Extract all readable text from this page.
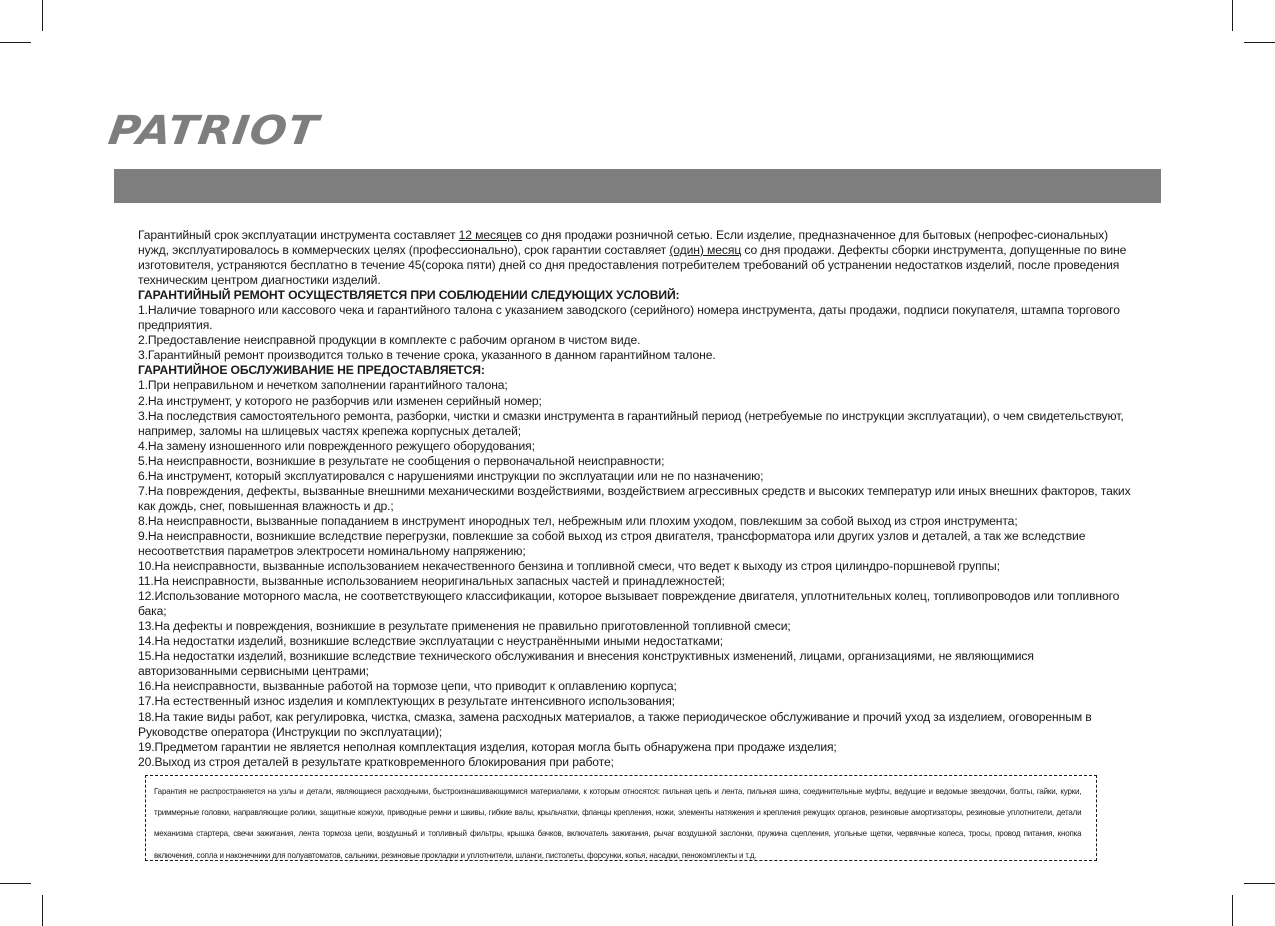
PATRIOT

Гарантийный срок эксплуатации инструмента составляет 12 месяцев со дня продажи розничной сетью. Если изделие, предназначенное для бытовых (непрофес-сиональных) нужд, эксплуатировалось в коммерческих целях (профессионально), срок гарантии составляет (один) месяц со дня продажи. Дефекты сборки инструмента, допущенные по вине изготовителя, устраняются бесплатно в течение 45(сорока пяти) дней со дня предоставления потребителем требований об устранении недостатков изделий, после проведения техническим центром диагностики изделий.

ГАРАНТИЙНЫЙ РЕМОНТ ОСУЩЕСТВЛЯЕТСЯ ПРИ СОБЛЮДЕНИИ СЛЕДУЮЩИХ УСЛОВИЙ:

1.Наличие товарного или кассового чека и гарантийного талона с указанием заводского (серийного) номера инструмента, даты продажи, подписи покупателя, штампа торгового предприятия.

2.Предоставление неисправной продукции в комплекте с рабочим органом в чистом виде.

3.Гарантийный ремонт производится только в течение срока, указанного в данном гарантийном талоне.

ГАРАНТИЙНОЕ ОБСЛУЖИВАНИЕ НЕ ПРЕДОСТАВЛЯЕТСЯ:

1.При неправильном и нечетком заполнении гарантийного талона;

2.На инструмент, у которого не разборчив или изменен серийный номер;

3.На последствия самостоятельного ремонта, разборки, чистки и смазки инструмента в гарантийный период (нетребуемые по инструкции эксплуатации), о чем свидетельствуют, например, заломы на шлицевых частях крепежа корпусных деталей;

4.На замену изношенного или поврежденного режущего оборудования;

5.На неисправности, возникшие в результате не сообщения о первоначальной неисправности;

6.На инструмент, который эксплуатировался с нарушениями инструкции по эксплуатации или не по назначению;

7.На повреждения, дефекты, вызванные внешними механическими воздействиями, воздействием агрессивных средств и высоких температур или иных внешних факторов, таких как дождь, снег, повышенная влажность и др.;

8.На неисправности, вызванные попаданием в инструмент инородных тел, небрежным или плохим уходом, повлекшим за собой выход из строя инструмента;

9.На неисправности, возникшие вследствие перегрузки, повлекшие за собой выход из строя двигателя, трансформатора или других узлов и деталей, а так же вследствие несоответствия параметров электросети номинальному напряжению;

10.На неисправности, вызванные использованием некачественного бензина и топливной смеси, что ведет к выходу из строя цилиндро-поршневой группы;

11.На неисправности, вызванные использованием неоригинальных запасных частей и принадлежностей;

12.Использование моторного масла, не соответствующего классификации, которое вызывает повреждение двигателя, уплотнительных колец, топливопроводов или топливного бака;

13.На дефекты и повреждения, возникшие в результате применения не правильно приготовленной топливной смеси;

14.На недостатки изделий, возникшие вследствие эксплуатации с неустранёнными иными недостатками;

15.На недостатки изделий, возникшие вследствие технического обслуживания и внесения конструктивных изменений, лицами, организациями, не являющимися авторизованными сервисными центрами;

16.На неисправности, вызванные работой на тормозе цепи, что приводит к оплавлению корпуса;

17.На естественный износ изделия и комплектующих в результате интенсивного использования;

18.На такие виды работ, как регулировка, чистка, смазка, замена расходных материалов, а также периодическое обслуживание и прочий уход за изделием, оговоренным в Руководстве оператора (Инструкции по эксплуатации);

19.Предметом гарантии не является неполная комплектация изделия, которая могла быть обнаружена при продаже изделия;

20.Выход из строя деталей в результате кратковременного блокирования при работе;

Гарантия не распространяется на узлы и детали, являющиеся расходными, быстроизнашивающимися материалами, к которым относятся: пильная цепь и лента, пильная шина, соединительные муфты, ведущие и ведомые звездочки, болты, гайки, курки, триммерные головки, направляющие ролики, защитные кожухи, приводные ремни и шкивы, гибкие валы, крыльчатки, фланцы крепления, ножи, элементы натяжения и крепления режущих органов, резиновые амортизаторы, резиновые уплотнители, детали механизма стартера, свечи зажигания, лента тормоза цепи, воздушный и топливный фильтры, крышка бачков, включатель зажигания, рычаг воздушной заслонки, пружина сцепления, угольные щетки, червячные колеса, тросы, провод питания, кнопка включения, сопла и наконечники для полуавтоматов, сальники, резиновые прокладки и уплотнители, шланги, пистолеты, форсунки, копья, насадки, пенокомплекты и т.д.
